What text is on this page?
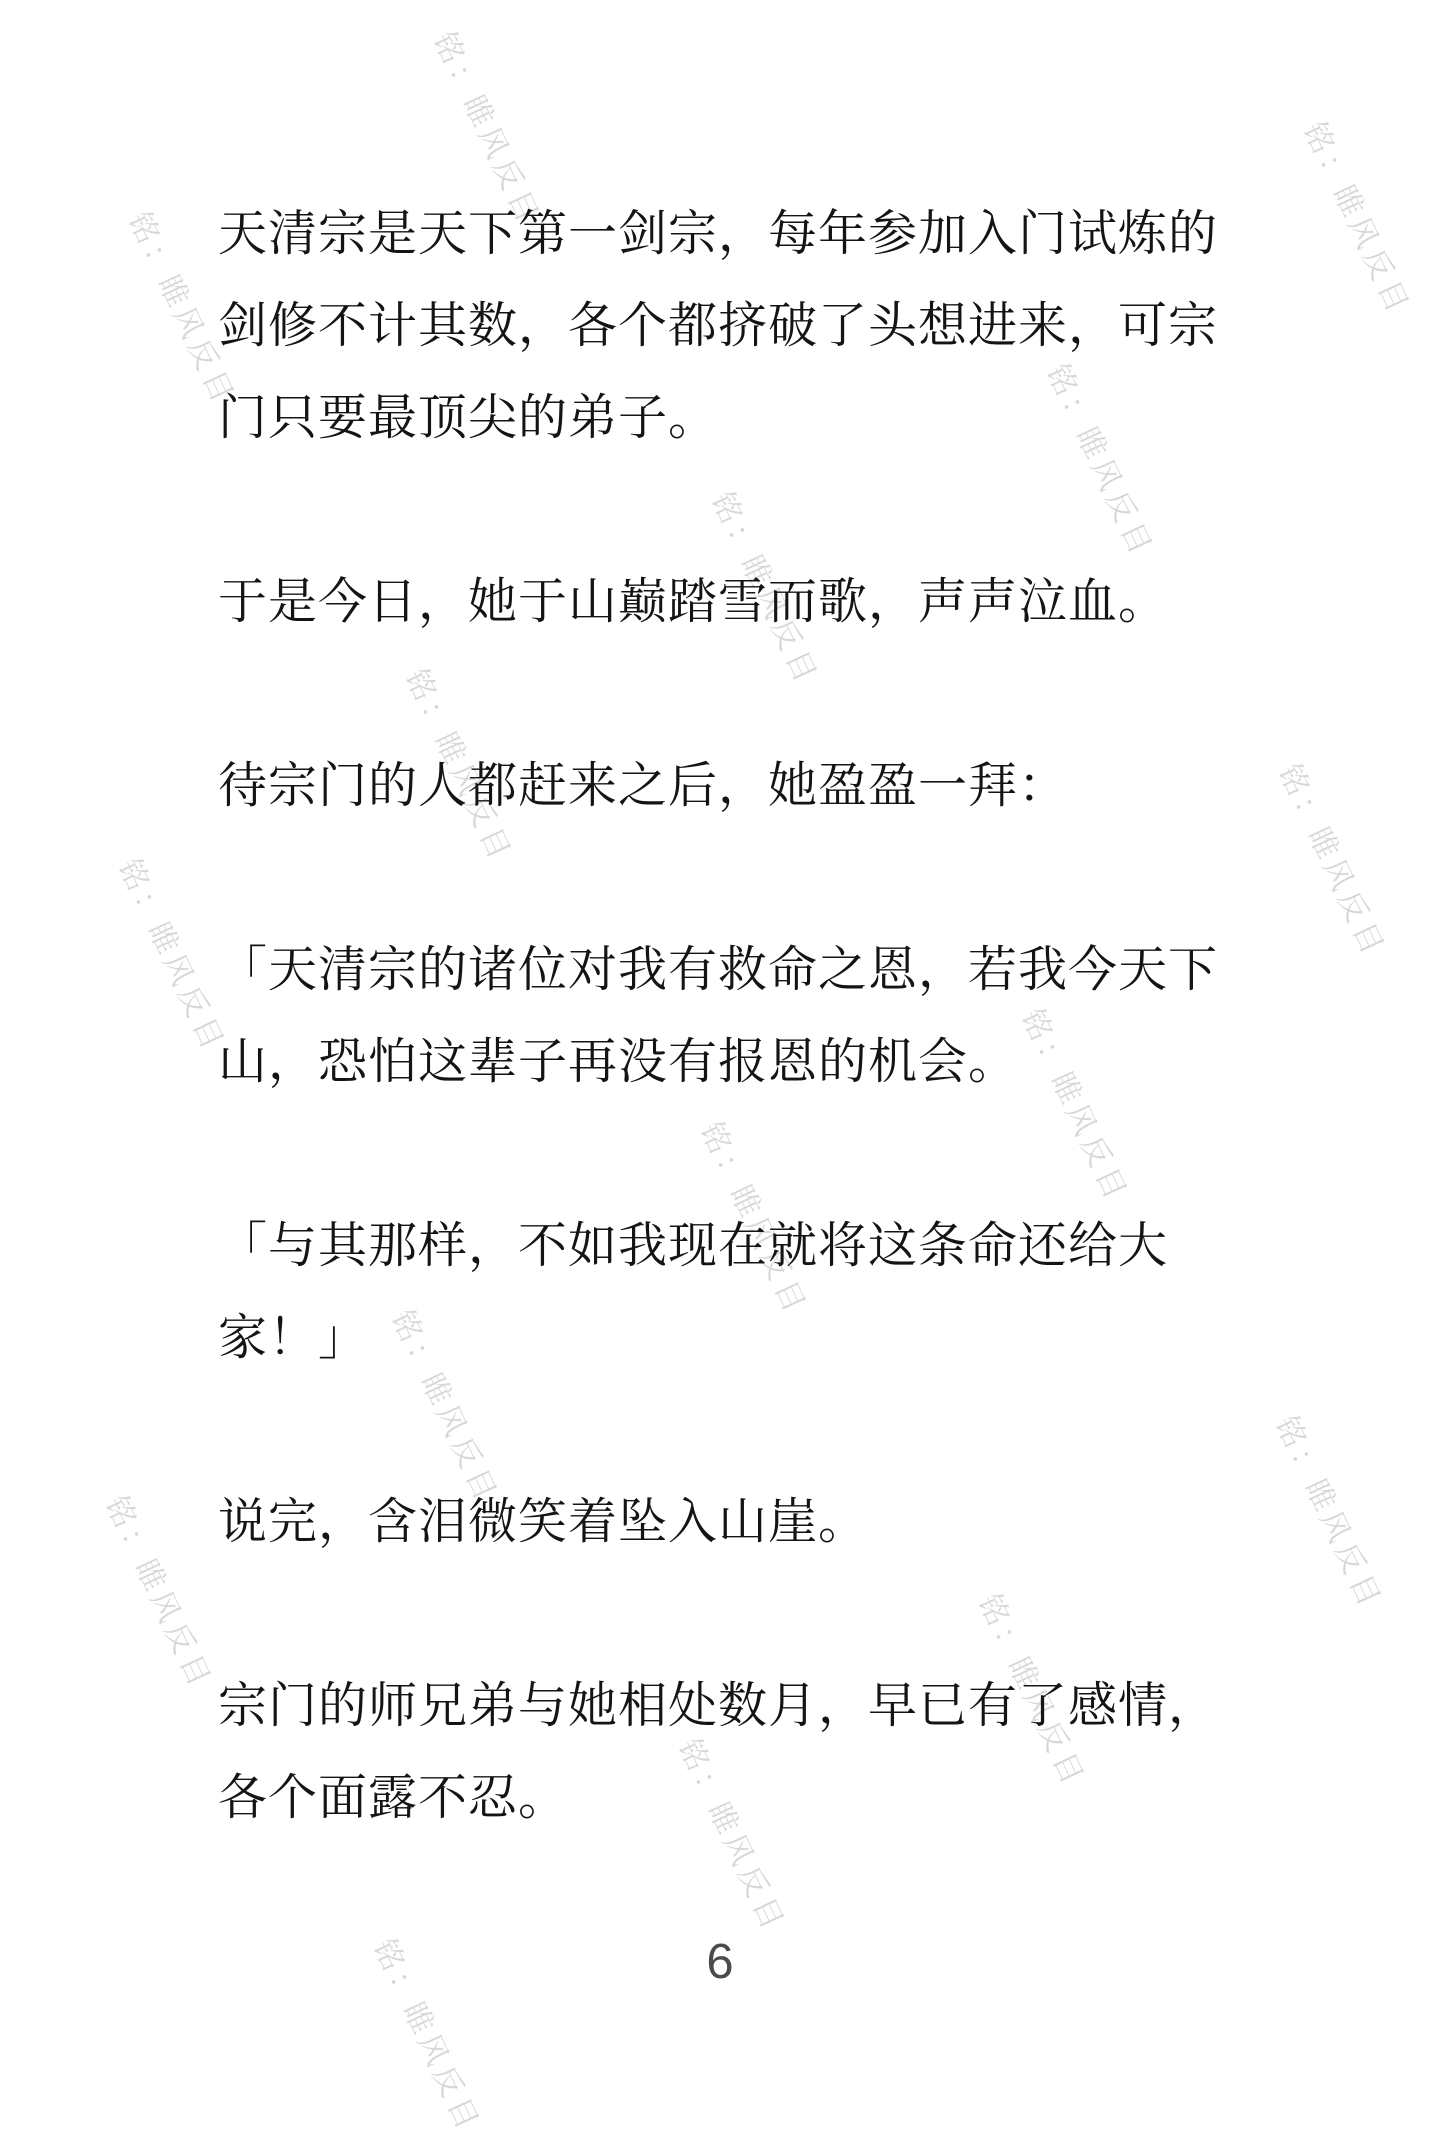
铭：睢风反目	铭：睢风反目
铭：睢风反目
铭：睢风反目
铭：睢风反目
铭：睢风反目	铭：睢风反目
铭：睢风反目
铭：睢风反目
铭：睢风反目
铭：睢风反目
铭：睢风反目
铭：睢风反目	铭：睢风反目
铭：睢风反目
铭：睢风反目

天清宗是天下第一剑宗，每年参加入门试炼的剑修不计其数，各个都挤破了头想进来，可宗门只要最顶尖的弟子。

于是今日，她于山巅踏雪而歌，声声泣血。

待宗门的人都赶来之后，她盈盈一拜：

「天清宗的诸位对我有救命之恩，若我今天下山，恐怕这辈子再没有报恩的机会。

「与其那样，不如我现在就将这条命还给大家！」

说完，含泪微笑着坠入山崖。

宗门的师兄弟与她相处数月，早已有了感情，各个面露不忍。

6
